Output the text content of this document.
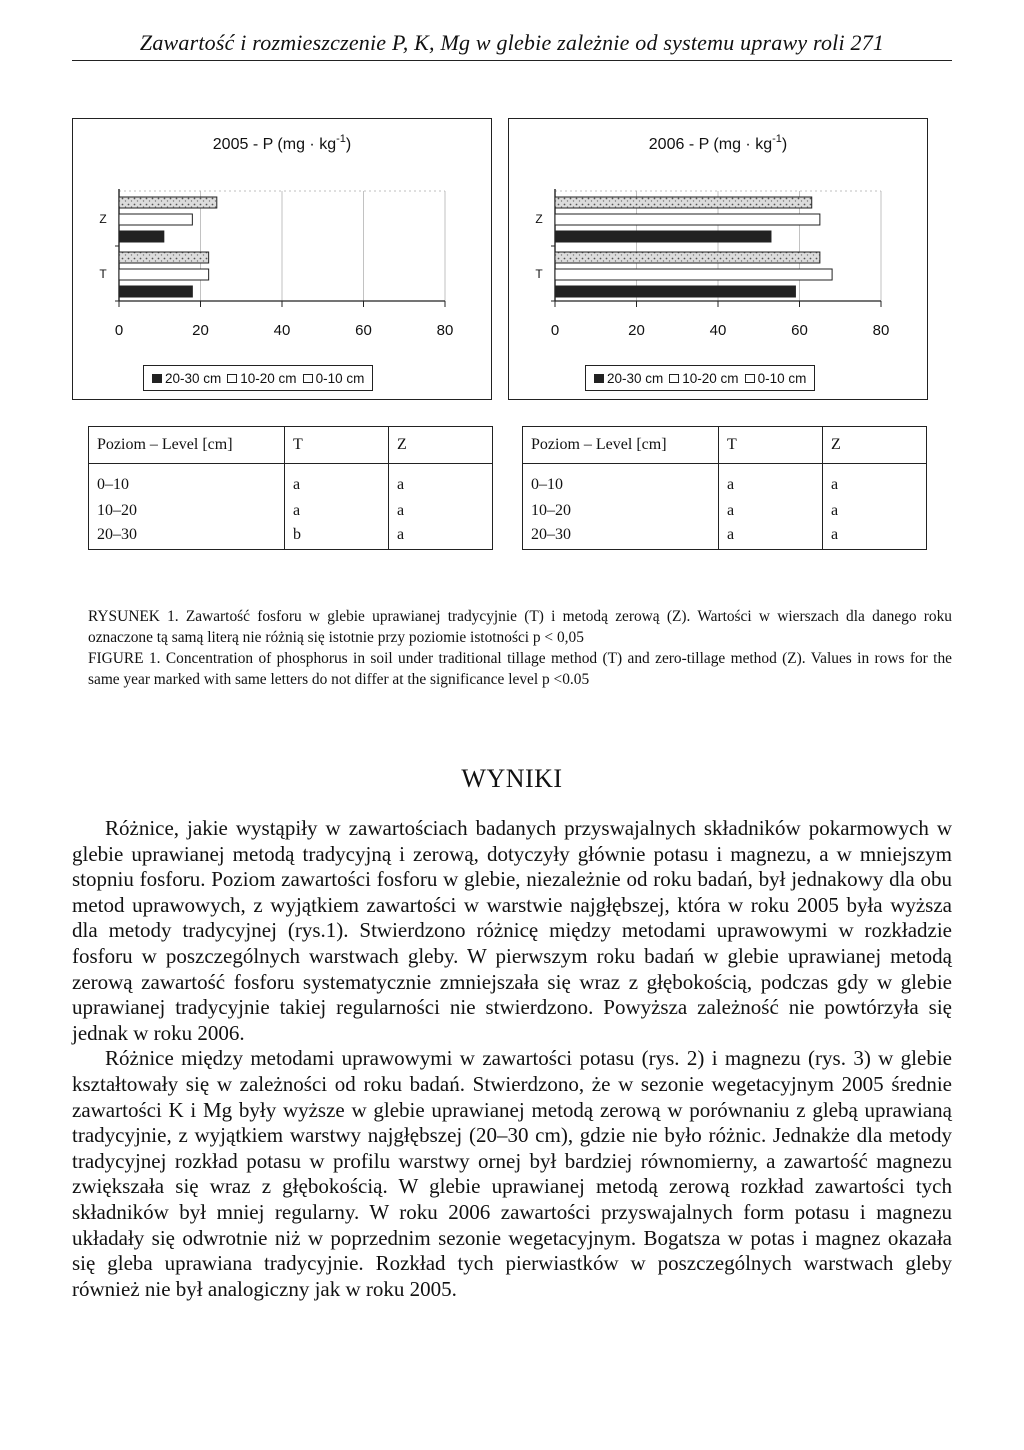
Zawartość i rozmieszczenie P, K, Mg w glebie zależnie od systemu uprawy roli 271
2005 - P $(mg \cdot kg^{-1})$
0	20	40	60	80
Z
T
20-30 cm	10-20 cm	0-10 cm
2006 - P $(mg \cdot kg^{-1})$
0	20	40	60	80
Z
T
20-30 cm	10-20 cm	0-10 cm
Poziom – Level [cm]	T	Z
0–10	a	a
10–20	a	a
20–30	b	a
Poziom – Level [cm]	T	Z
0–10	a	a
10–20	a	a
20–30	a	a

RYSUNEK 1. Zawartość fosforu w glebie uprawianej tradycyjnie (T) i metodą zerową (Z). Wartości w wierszach dla danego roku oznaczone tą samą literą nie różnią się istotnie przy poziomie istotności p < 0,05

FIGURE 1. Concentration of phosphorus in soil under traditional tillage method (T) and zero-tillage method (Z). Values in rows for the same year marked with same letters do not differ at the significance level p <0.05

WYNIKI

Różnice, jakie wystąpiły w zawartościach badanych przyswajalnych składników pokarmowych w glebie uprawianej metodą tradycyjną i zerową, dotyczyły głównie potasu i magnezu, a w mniejszym stopniu fosforu. Poziom zawartości fosforu w glebie, niezależnie od roku badań, był jednakowy dla obu metod uprawowych, z wyjątkiem zawartości w warstwie najgłębszej, która w roku 2005 była wyższa dla metody tradycyjnej (rys.1). Stwierdzono różnicę między metodami uprawowymi w rozkładzie fosforu w poszczególnych warstwach gleby. W pierwszym roku badań w glebie uprawianej metodą zerową zawartość fosforu systematycznie zmniejszała się wraz z głębokością, podczas gdy w glebie uprawianej tradycyjnie takiej regularności nie stwierdzono. Powyższa zależność nie powtórzyła się jednak w roku 2006.

Różnice między metodami uprawowymi w zawartości potasu (rys. 2) i magnezu (rys. 3) w glebie kształtowały się w zależności od roku badań. Stwierdzono, że w sezonie wegetacyjnym 2005 średnie zawartości K i Mg były wyższe w glebie uprawianej metodą zerową w porównaniu z glebą uprawianą tradycyjnie, z wyjątkiem warstwy najgłębszej (20–30 cm), gdzie nie było różnic. Jednakże dla metody tradycyjnej rozkład potasu w profilu warstwy ornej był bardziej równomierny, a zawartość magnezu zwiększała się wraz z głębokością. W glebie uprawianej metodą zerową rozkład zawartości tych składników był mniej regularny. W roku 2006 zawartości przyswajalnych form potasu i magnezu układały się odwrotnie niż w poprzednim sezonie wegetacyjnym. Bogatsza w potas i magnez okazała się gleba uprawiana tradycyjnie. Rozkład tych pierwiastków w poszczególnych warstwach gleby również nie był analogiczny jak w roku 2005.
